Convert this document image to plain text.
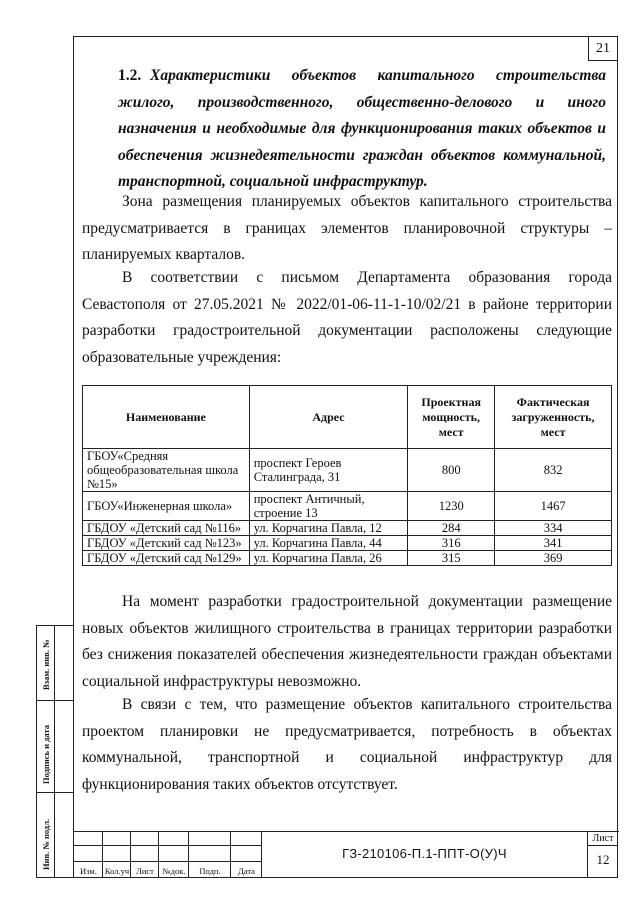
21
1.2. Характеристики объектов капитального строительства жилого, производственного, общественно-делового и иного назначения и необходимые для функционирования таких объектов и обеспечения жизнедеятельности граждан объектов коммунальной, транспортной, социальной инфраструктур.
Зона размещения планируемых объектов капитального строительства предусматривается в границах элементов планировочной структуры – планируемых кварталов.
В соответствии с письмом Департамента образования города Севастополя от 27.05.2021 № 2022/01-06-11-1-10/02/21 в районе территории разработки градостроительной документации расположены следующие образовательные учреждения:
Наименование	Адрес	Проектная мощность, мест	Фактическая загруженность, мест
ГБОУ«Средняя общеобразовательная школа №15»	проспект Героев Сталинграда, 31	800	832
ГБОУ«Инженерная школа»	проспект Античный, строение 13	1230	1467
ГБДОУ «Детский сад №116»	ул. Корчагина Павла, 12	284	334
ГБДОУ «Детский сад №123»	ул. Корчагина Павла, 44	316	341
ГБДОУ «Детский сад №129»	ул. Корчагина Павла, 26	315	369
На момент разработки градостроительной документации размещение новых объектов жилищного строительства в границах территории разработки без снижения показателей обеспечения жизнедеятельности граждан объектами социальной инфраструктуры невозможно.
В связи с тем, что размещение объектов капитального строительства проектом планировки не предусматривается, потребность в объектах коммунальной, транспортной и социальной инфраструктур для функционирования таких объектов отсутствует.
Изм. Кол.уч Лист	№док.	Подп.	Дата
ГЗ-210106-П.1-ППТ-О(У)Ч
Лист
12
Взам. инв. №
Подпись и дата
Инв. № подл.
